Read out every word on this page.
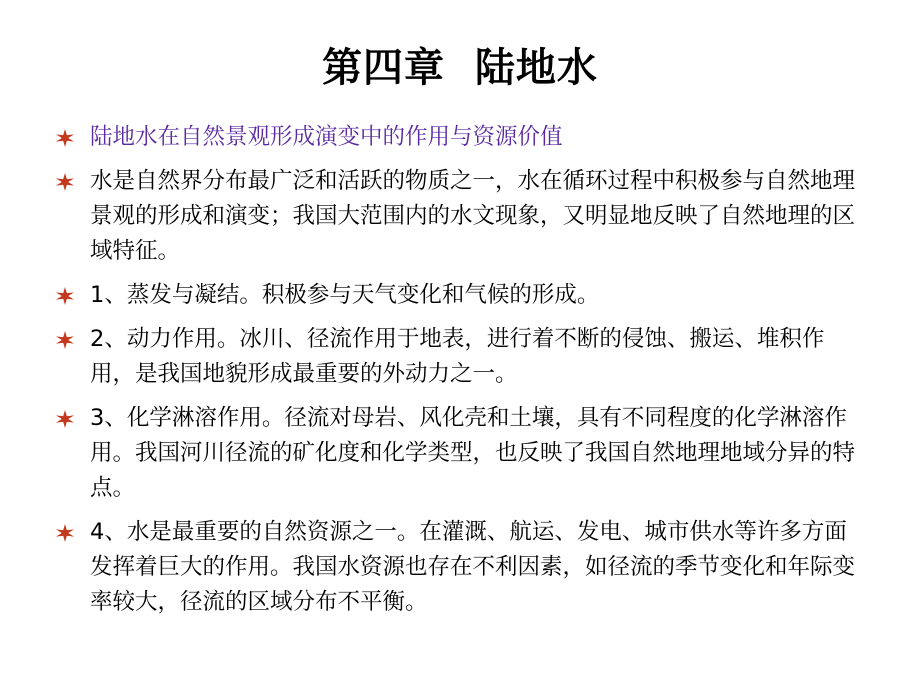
第四章  陆地水
陆地水在自然景观形成演变中的作用与资源价值
水是自然界分布最广泛和活跃的物质之一，水在循环过程中积极参与自然地理景观的形成和演变；我国大范围内的水文现象，又明显地反映了自然地理的区域特征。
1、蒸发与凝结。积极参与天气变化和气候的形成。
2、动力作用。冰川、径流作用于地表，进行着不断的侵蚀、搬运、堆积作用，是我国地貌形成最重要的外动力之一。
3、化学淋溶作用。径流对母岩、风化壳和土壤，具有不同程度的化学淋溶作用。我国河川径流的矿化度和化学类型，也反映了我国自然地理地域分异的特点。
4、水是最重要的自然资源之一。在灌溉、航运、发电、城市供水等许多方面发挥着巨大的作用。我国水资源也存在不利因素，如径流的季节变化和年际变率较大，径流的区域分布不平衡。
